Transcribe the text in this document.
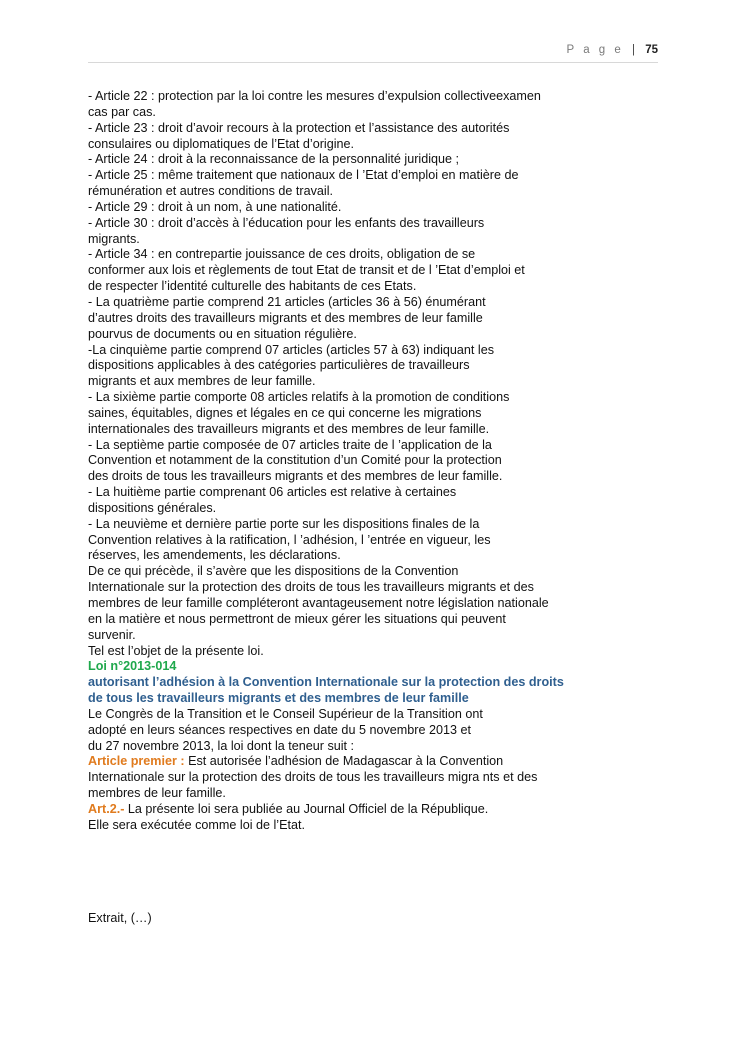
P a g e | 75
- Article 22 : protection par la loi contre les mesures d’expulsion collectiveexamen
cas par cas.
- Article 23 : droit d’avoir recours à la protection et l’assistance des autorités
consulaires ou diplomatiques de l’Etat d’origine.
- Article 24 : droit à la reconnaissance de la personnalité juridique ;
- Article 25 : même traitement que nationaux de l ’Etat d’emploi en matière de
rémunération et autres conditions de travail.
- Article 29 : droit à un nom, à une nationalité.
- Article 30 : droit d’accès à l’éducation pour les enfants des travailleurs
migrants.
- Article 34 : en contrepartie jouissance de ces droits, obligation de se
conformer aux lois et règlements de tout Etat de transit et de l ’Etat d’emploi et
de respecter l’identité culturelle des habitants de ces Etats.
- La quatrième partie comprend 21 articles (articles 36 à 56) énumérant
d’autres droits des travailleurs migrants et des membres de leur famille
pourvus de documents ou en situation régulière.
-La cinquième partie comprend 07 articles (articles 57 à 63) indiquant les
dispositions applicables à des catégories particulières de travailleurs
migrants et aux membres de leur famille.
- La sixième partie comporte 08 articles relatifs à la promotion de conditions
saines, équitables, dignes et légales en ce qui concerne les migrations
internationales des travailleurs migrants et des membres de leur famille.
- La septième partie composée de 07 articles traite de l ’application de la
Convention et notamment de la constitution d’un Comité pour la protection
des droits de tous les travailleurs migrants et des membres de leur famille.
- La huitième partie comprenant 06 articles est relative à certaines
dispositions générales.
- La neuvième et dernière partie porte sur les dispositions finales de la
Convention relatives à la ratification, l ’adhésion, l ’entrée en vigueur, les
réserves, les amendements, les déclarations.
De ce qui précède, il s’avère que les dispositions de la Convention
Internationale sur la protection des droits de tous les travailleurs migrants et des
membres de leur famille compléteront avantageusement notre législation nationale
en la matière et nous permettront de mieux gérer les situations qui peuvent
survenir.
Tel est l’objet de la présente loi.
Loi n°2013-014
autorisant l’adhésion à la Convention Internationale sur la protection des droits
de tous les travailleurs migrants et des membres de leur famille
Le Congrès de la Transition et le Conseil Supérieur de la Transition ont
adopté en leurs séances respectives en date du 5 novembre 2013 et
du 27 novembre 2013, la loi dont la teneur suit :
Article premier : Est autorisée l’adhésion de Madagascar à la Convention
Internationale sur la protection des droits de tous les travailleurs migra nts et des
membres de leur famille.
Art.2.- La présente loi sera publiée au Journal Officiel de la République.
Elle sera exécutée comme loi de l’Etat.
Extrait, (…)
